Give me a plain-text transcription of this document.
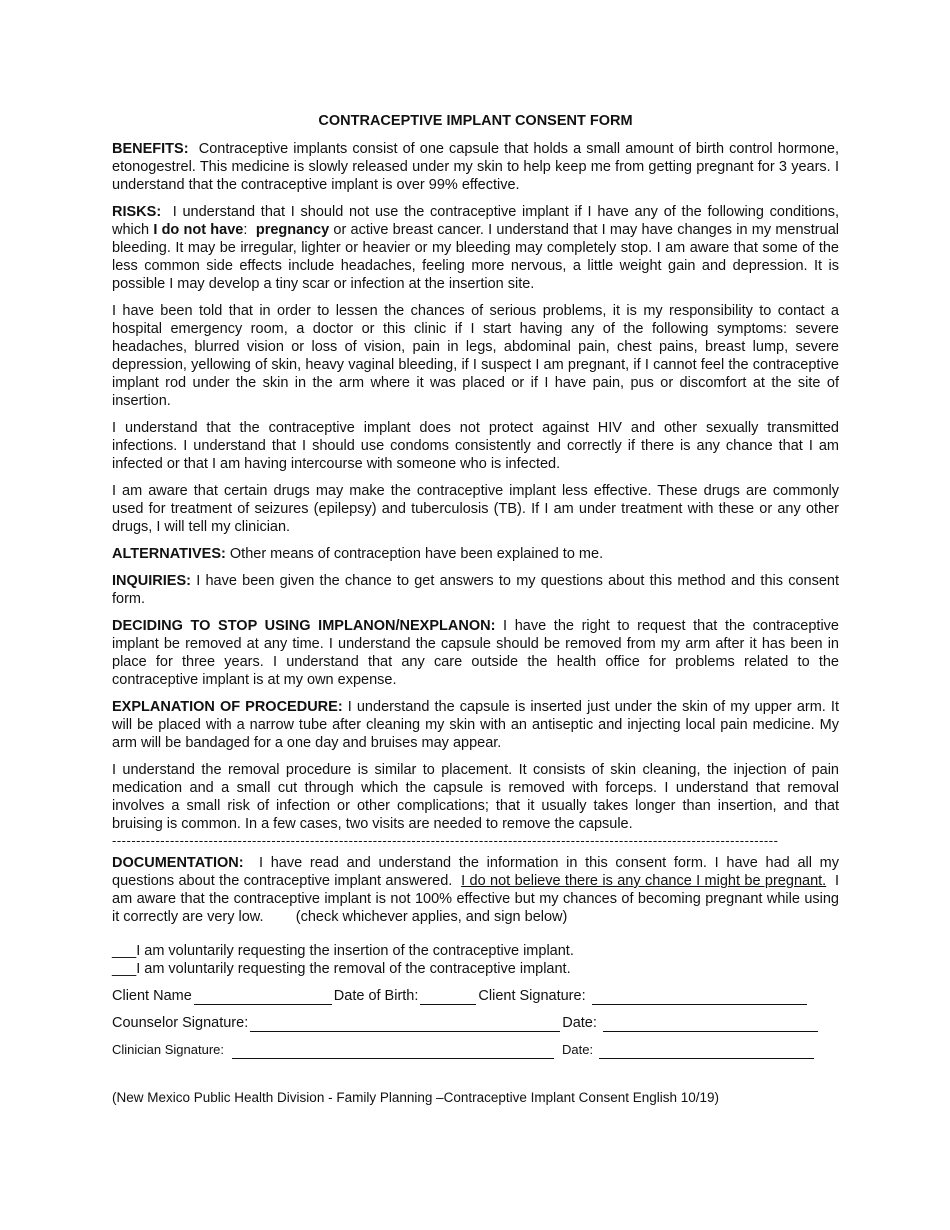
CONTRACEPTIVE IMPLANT CONSENT FORM

BENEFITS: Contraceptive implants consist of one capsule that holds a small amount of birth control hormone, etonogestrel. This medicine is slowly released under my skin to help keep me from getting pregnant for 3 years. I understand that the contraceptive implant is over 99% effective.

RISKS: I understand that I should not use the contraceptive implant if I have any of the following conditions, which I do not have: pregnancy or active breast cancer. I understand that I may have changes in my menstrual bleeding. It may be irregular, lighter or heavier or my bleeding may completely stop. I am aware that some of the less common side effects include headaches, feeling more nervous, a little weight gain and depression. It is possible I may develop a tiny scar or infection at the insertion site.

I have been told that in order to lessen the chances of serious problems, it is my responsibility to contact a hospital emergency room, a doctor or this clinic if I start having any of the following symptoms: severe headaches, blurred vision or loss of vision, pain in legs, abdominal pain, chest pains, breast lump, severe depression, yellowing of skin, heavy vaginal bleeding, if I suspect I am pregnant, if I cannot feel the contraceptive implant rod under the skin in the arm where it was placed or if I have pain, pus or discomfort at the site of insertion.

I understand that the contraceptive implant does not protect against HIV and other sexually transmitted infections. I understand that I should use condoms consistently and correctly if there is any chance that I am infected or that I am having intercourse with someone who is infected.

I am aware that certain drugs may make the contraceptive implant less effective. These drugs are commonly used for treatment of seizures (epilepsy) and tuberculosis (TB). If I am under treatment with these or any other drugs, I will tell my clinician.

ALTERNATIVES: Other means of contraception have been explained to me.

INQUIRIES: I have been given the chance to get answers to my questions about this method and this consent form.

DECIDING TO STOP USING IMPLANON/NEXPLANON: I have the right to request that the contraceptive implant be removed at any time. I understand the capsule should be removed from my arm after it has been in place for three years. I understand that any care outside the health office for problems related to the contraceptive implant is at my own expense.

EXPLANATION OF PROCEDURE: I understand the capsule is inserted just under the skin of my upper arm. It will be placed with a narrow tube after cleaning my skin with an antiseptic and injecting local pain medicine. My arm will be bandaged for a one day and bruises may appear.

I understand the removal procedure is similar to placement. It consists of skin cleaning, the injection of pain medication and a small cut through which the capsule is removed with forceps. I understand that removal involves a small risk of infection or other complications; that it usually takes longer than insertion, and that bruising is common. In a few cases, two visits are needed to remove the capsule.

------------------------------------------------------------------------------------------------------------------------------------------

DOCUMENTATION: I have read and understand the information in this consent form. I have had all my questions about the contraceptive implant answered. I do not believe there is any chance I might be pregnant. I am aware that the contraceptive implant is not 100% effective but my chances of becoming pregnant while using it correctly are very low. (check whichever applies, and sign below)

___ I am voluntarily requesting the insertion of the contraceptive implant.
___ I am voluntarily requesting the removal of the contraceptive implant.
Client Name	Date of Birth:	Client Signature:
Counselor Signature:	Date:
Clinician Signature:	Date:
(New Mexico Public Health Division - Family Planning –Contraceptive Implant Consent English 10/19)
